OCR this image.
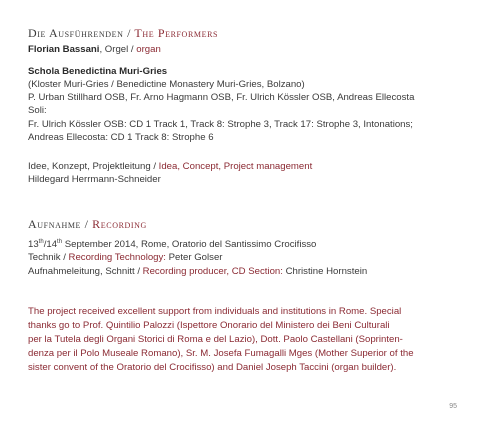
Die Ausführenden / The Performers
Florian Bassani, Orgel / organ
Schola Benedictina Muri-Gries
(Kloster Muri-Gries / Benedictine Monastery Muri-Gries, Bolzano)
P. Urban Stillhard OSB, Fr. Arno Hagmann OSB, Fr. Ulrich Kössler OSB, Andreas Ellecosta
Soli:
Fr. Ulrich Kössler OSB: CD 1 Track 1, Track 8: Strophe 3, Track 17: Strophe 3, Intonations;
Andreas Ellecosta: CD 1 Track 8: Strophe 6
Idee, Konzept, Projektleitung / Idea, Concept, Project management
Hildegard Herrmann-Schneider
Aufnahme / Recording
13th/14th September 2014, Rome, Oratorio del Santissimo Crocifisso
Technik / Recording Technology: Peter Golser
Aufnahmeleitung, Schnitt / Recording producer, CD Section: Christine Hornstein
The project received excellent support from individuals and institutions in Rome. Special
thanks go to Prof. Quintilio Palozzi (Ispettore Onorario del Ministero dei Beni Culturali
per la Tutela degli Organi Storici di Roma e del Lazio), Dott. Paolo Castellani (Soprinten-
denza per il Polo Museale Romano), Sr. M. Josefa Fumagalli Mges (Mother Superior of the
sister convent of the Oratorio del Crocifisso) and Daniel Joseph Taccini (organ builder).
95
